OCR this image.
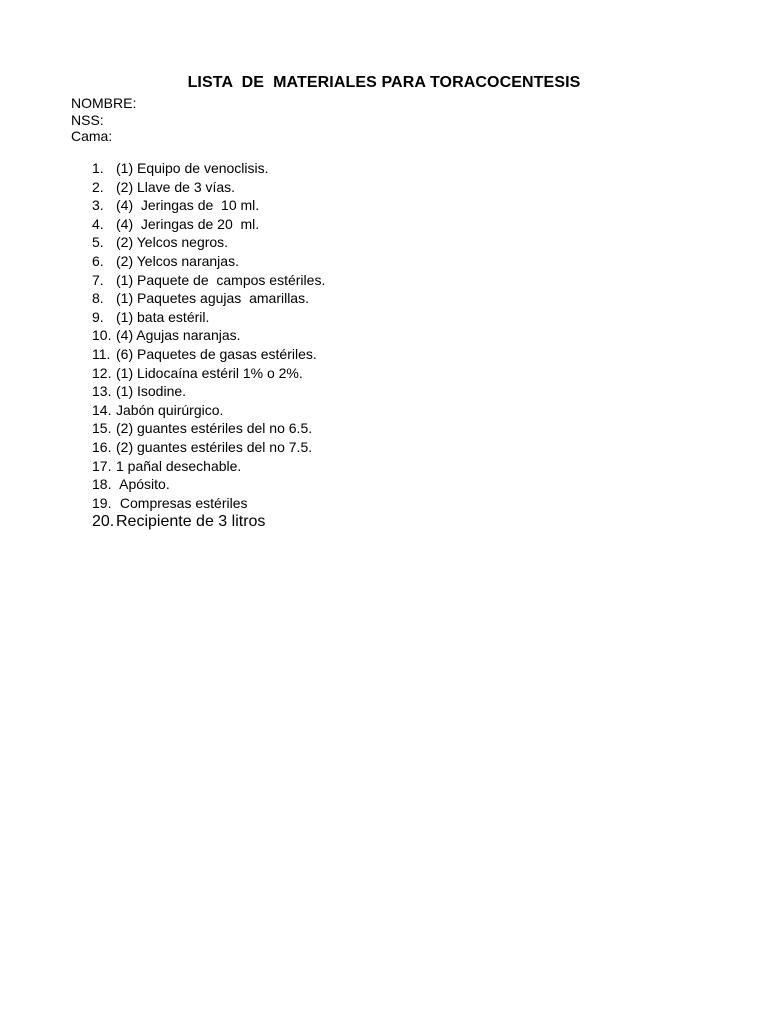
LISTA  DE  MATERIALES PARA TORACOCENTESIS
NOMBRE:
NSS:
Cama:
1. (1) Equipo de venoclisis.
2. (2) Llave de 3 vías.
3. (4)  Jeringas de  10 ml.
4. (4)  Jeringas de 20  ml.
5. (2) Yelcos negros.
6. (2) Yelcos naranjas.
7. (1) Paquete de  campos estériles.
8. (1) Paquetes agujas  amarillas.
9. (1) bata estéril.
10. (4) Agujas naranjas.
11. (6) Paquetes de gasas estériles.
12. (1) Lidocaína estéril 1% o 2%.
13. (1) Isodine.
14. Jabón quirúrgico.
15. (2) guantes estériles del no 6.5.
16. (2) guantes estériles del no 7.5.
17. 1 pañal desechable.
18. Apósito.
19. Compresas estériles
20. Recipiente de 3 litros
